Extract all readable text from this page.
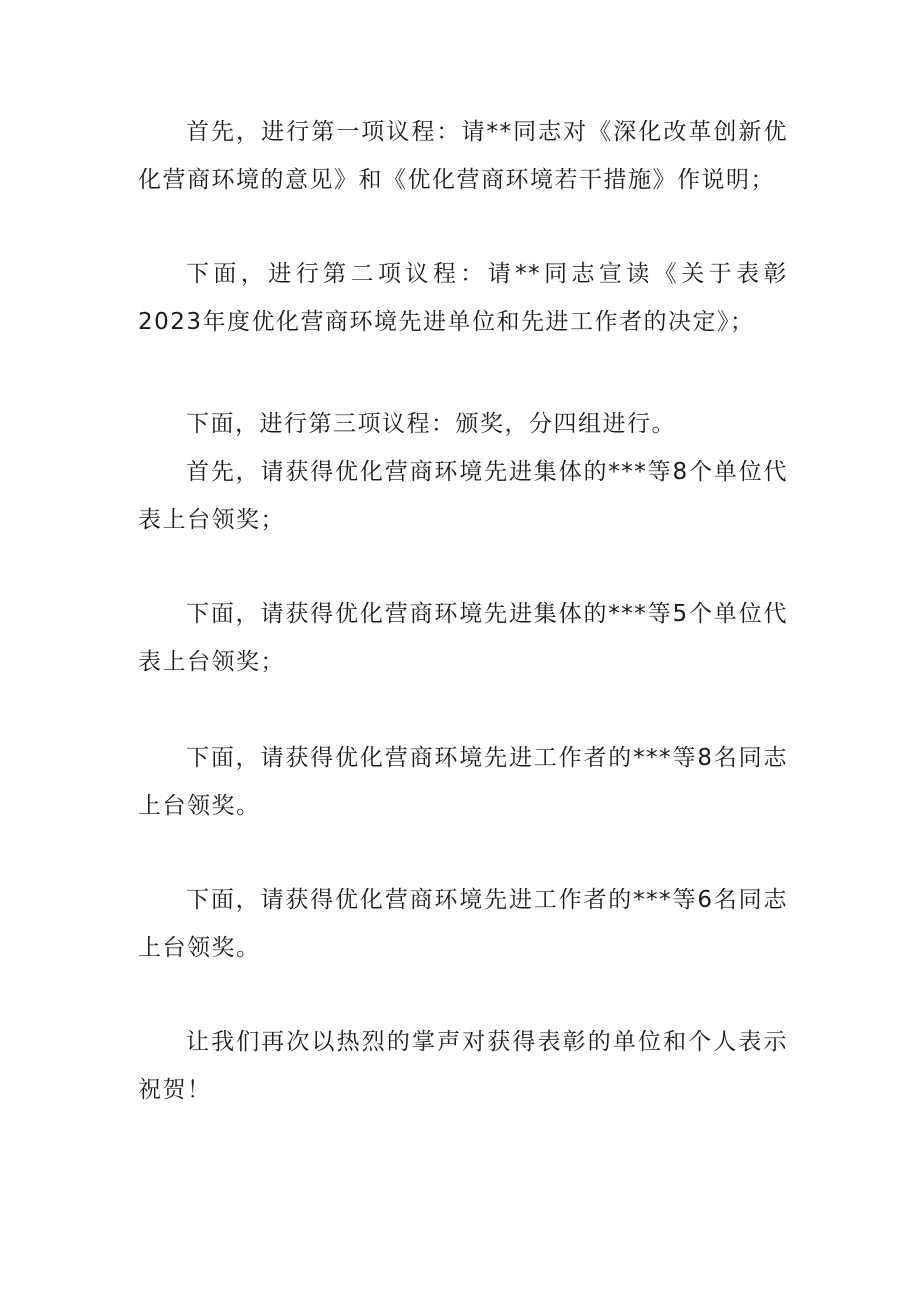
首先，进行第一项议程：请**同志对《深化改革创新优化营商环境的意见》和《优化营商环境若干措施》作说明；

下面，进行第二项议程：请**同志宣读《关于表彰2023年度优化营商环境先进单位和先进工作者的决定》；

下面，进行第三项议程：颁奖，分四组进行。

首先，请获得优化营商环境先进集体的***等8个单位代表上台领奖；

下面，请获得优化营商环境先进集体的***等5个单位代表上台领奖；

下面，请获得优化营商环境先进工作者的***等8名同志上台领奖。

下面，请获得优化营商环境先进工作者的***等6名同志上台领奖。

让我们再次以热烈的掌声对获得表彰的单位和个人表示祝贺！
